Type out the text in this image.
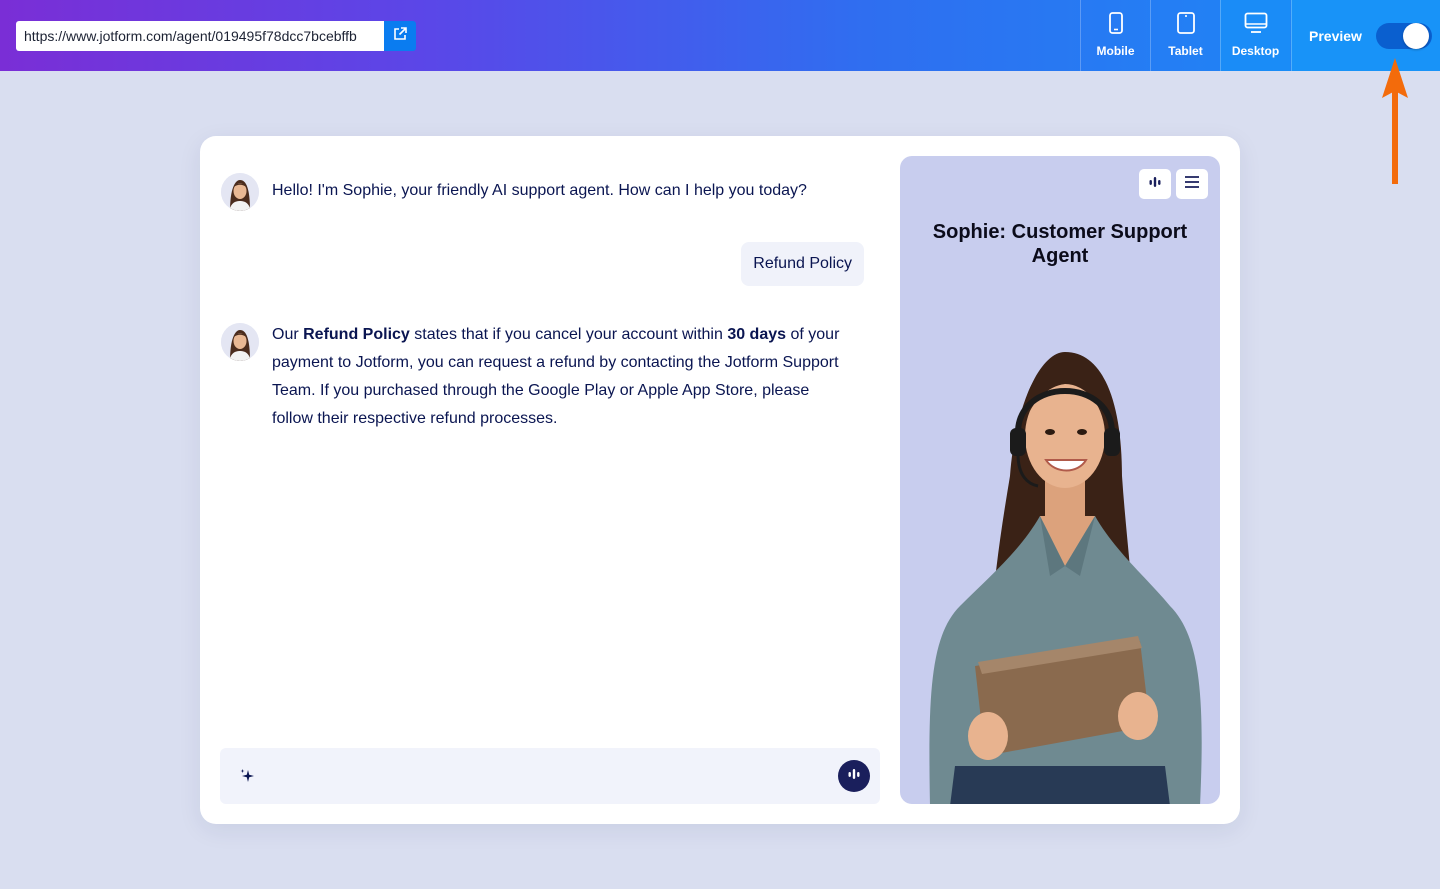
https://www.jotform.com/agent/019495f78dcc7bcebffb
Mobile	Tablet Desktop
Preview
Hello! I'm Sophie, your friendly AI support agent. How can I help you today?
Refund Policy
Our Refund Policy states that if you cancel your account within 30 days of your payment to Jotform, you can request a refund by contacting the Jotform Support Team. If you purchased through the Google Play or Apple App Store, please follow their respective refund processes.
Sophie: Customer Support Agent
